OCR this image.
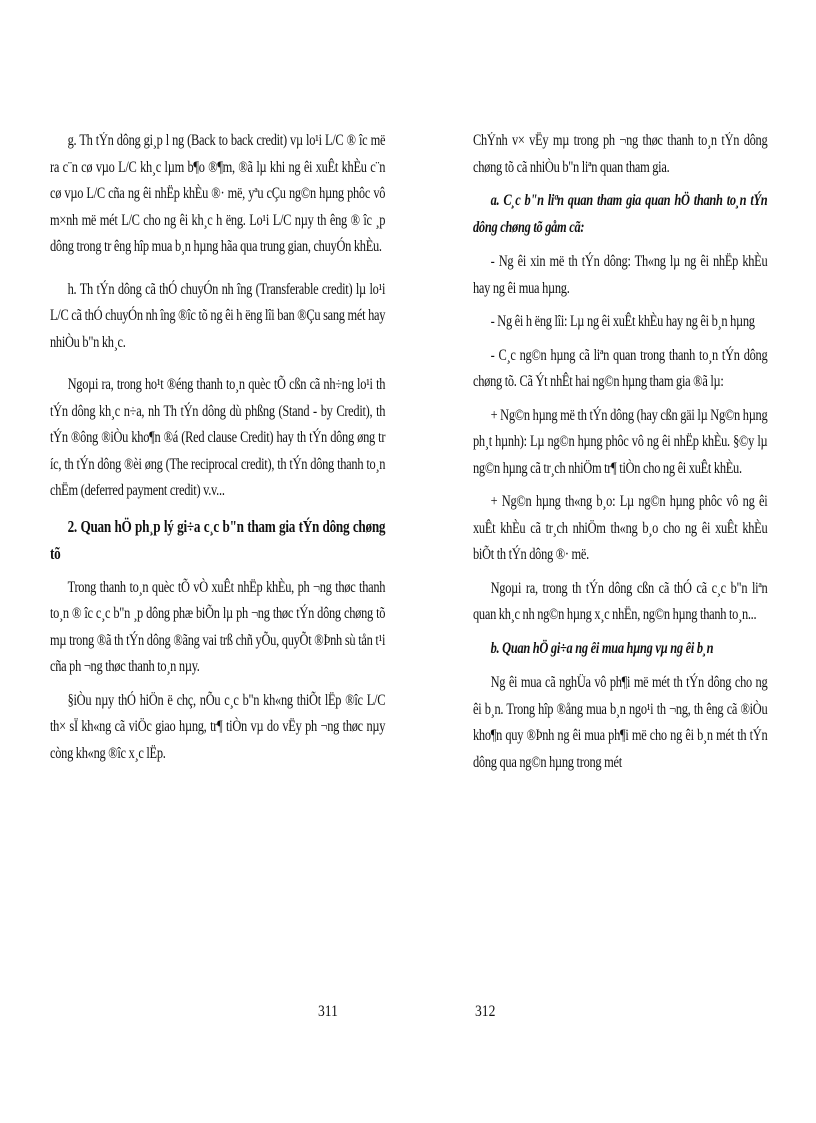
g. Th tÝn dông gi¸p l ng (Back to back credit) vµ lo¹i L/C ® îc më ra c¨n cø vµo L/C kh¸c lµm b¶o ®¶m, ®ã lµ khi ng êi xuÊt khÈu c¨n cø vµo L/C cña ng êi nhËp khÈu ®· më, yªu cÇu ng©n hµng phôc vô m×nh më mét L/C cho ng êi kh¸c h ëng. Lo¹i L/C nµy th êng ® îc ¸p dông trong tr êng hîp mua b¸n hµng hãa qua trung gian, chuyÓn khÈu.

h. Th tÝn dông cã thÓ chuyÓn nh îng (Transferable credit) lµ lo¹i L/C cã thÓ chuyÓn nh îng ®îc tõ ng êi h ëng lîi ban ®Çu sang mét hay nhiÒu b"n kh¸c.

Ngoµi ra, trong ho¹t ®éng thanh to¸n quèc tÕ cßn cã nh÷ng lo¹i th tÝn dông kh¸c n÷a, nh Th tÝn dông dù phßng (Stand - by Credit), th tÝn ®ông ®iÒu kho¶n ®á (Red clause Credit) hay th tÝn dông øng tr íc, th tÝn dông ®èi øng (The reciprocal credit), th tÝn dông thanh to¸n chËm (deferred payment credit) v.v...

2. Quan hÖ ph¸p lý gi÷a c¸c b"n tham gia tÝn dông chøng tõ

Trong thanh to¸n quèc tÕ vÒ xuÊt nhËp khÈu, ph ¬ng thøc thanh to¸n ® îc c¸c b"n ¸p dông phæ biÕn lµ ph ¬ng thøc tÝn dông chøng tõ mµ trong ®ã th tÝn dông ®ãng vai trß chñ yÕu, quyÕt ®Þnh sù tån t¹i cña ph ¬ng thøc thanh to¸n nµy.

§iÒu nµy thÓ hiÖn ë chç, nÕu c¸c b"n kh«ng thiÕt lËp ®îc L/C th× sÏ kh«ng cã viÖc giao hµng, tr¶ tiÒn vµ do vËy ph ¬ng thøc nµy còng kh«ng ®îc x¸c lËp.

ChÝnh v× vËy mµ trong ph ¬ng thøc thanh to¸n tÝn dông chøng tõ cã nhiÒu b"n liªn quan tham gia.

a. C¸c b"n liªn quan tham gia quan hÖ thanh to¸n tÝn dông chøng tõ gåm cã:

- Ng êi xin më th tÝn dông: Th«ng lµ ng êi nhËp khÈu hay ng êi mua hµng.

- Ng êi h ëng lîi: Lµ ng êi xuÊt khÈu hay ng êi b¸n hµng

- C¸c ng©n hµng cã liªn quan trong thanh to¸n tÝn dông chøng tõ. Cã Ýt nhÊt hai ng©n hµng tham gia ®ã lµ:

+ Ng©n hµng më th tÝn dông (hay cßn gäi lµ Ng©n hµng ph¸t hµnh): Lµ ng©n hµng phôc vô ng êi nhËp khÈu. §©y lµ ng©n hµng cã tr¸ch nhiÖm tr¶ tiÒn cho ng êi xuÊt khÈu.

+ Ng©n hµng th«ng b¸o: Lµ ng©n hµng phôc vô ng êi xuÊt khÈu cã tr¸ch nhiÖm th«ng b¸o cho ng êi xuÊt khÈu biÕt th tÝn dông ®· më.

Ngoµi ra, trong th tÝn dông cßn cã thÓ cã c¸c b"n liªn quan kh¸c nh ng©n hµng x¸c nhËn, ng©n hµng thanh to¸n...

b. Quan hÖ gi÷a ng êi mua hµng vµ ng êi b¸n

Ng êi mua cã nghÜa vô ph¶i më mét th tÝn dông cho ng êi b¸n. Trong hîp ®ång mua b¸n ngo¹i th ¬ng, th êng cã ®iÒu kho¶n quy ®Þnh ng êi mua ph¶i më cho ng êi b¸n mét th tÝn dông qua ng©n hµng trong mét

311	312
